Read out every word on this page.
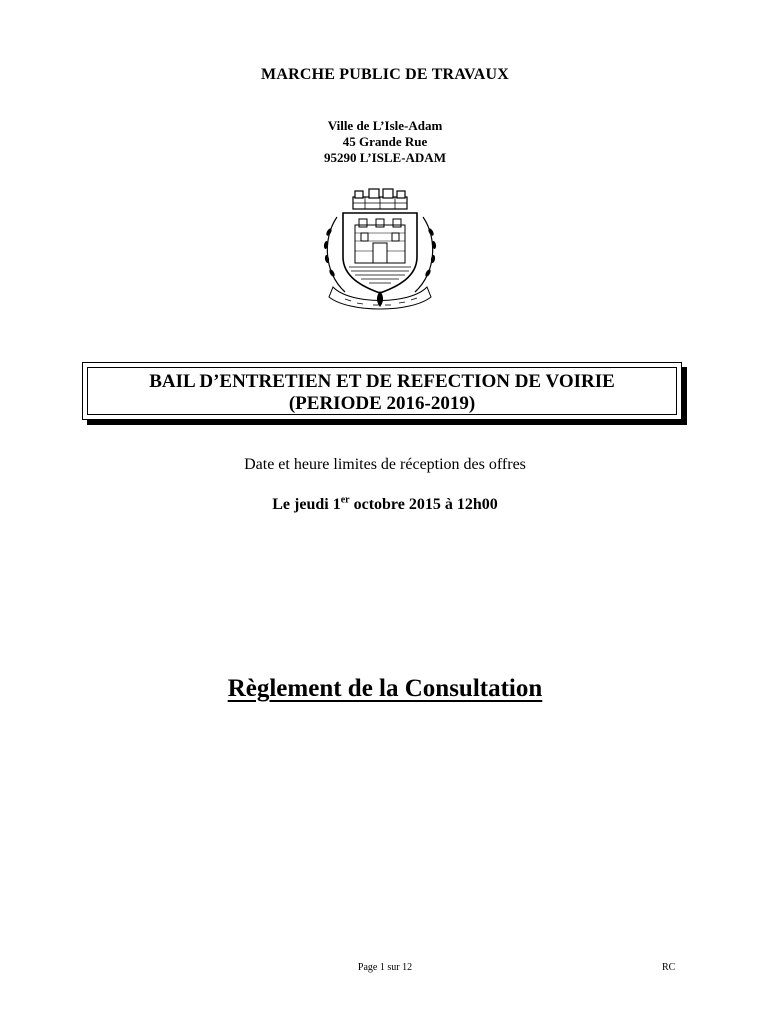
MARCHE PUBLIC DE TRAVAUX
Ville de L’Isle-Adam
45 Grande Rue
95290 L’ISLE-ADAM
BAIL D’ENTRETIEN ET DE REFECTION DE VOIRIE
(PERIODE 2016-2019)
Date et heure limites de réception des offres
Le jeudi 1er octobre 2015 à 12h00
Règlement de la Consultation
Page 1 sur 12	RC
